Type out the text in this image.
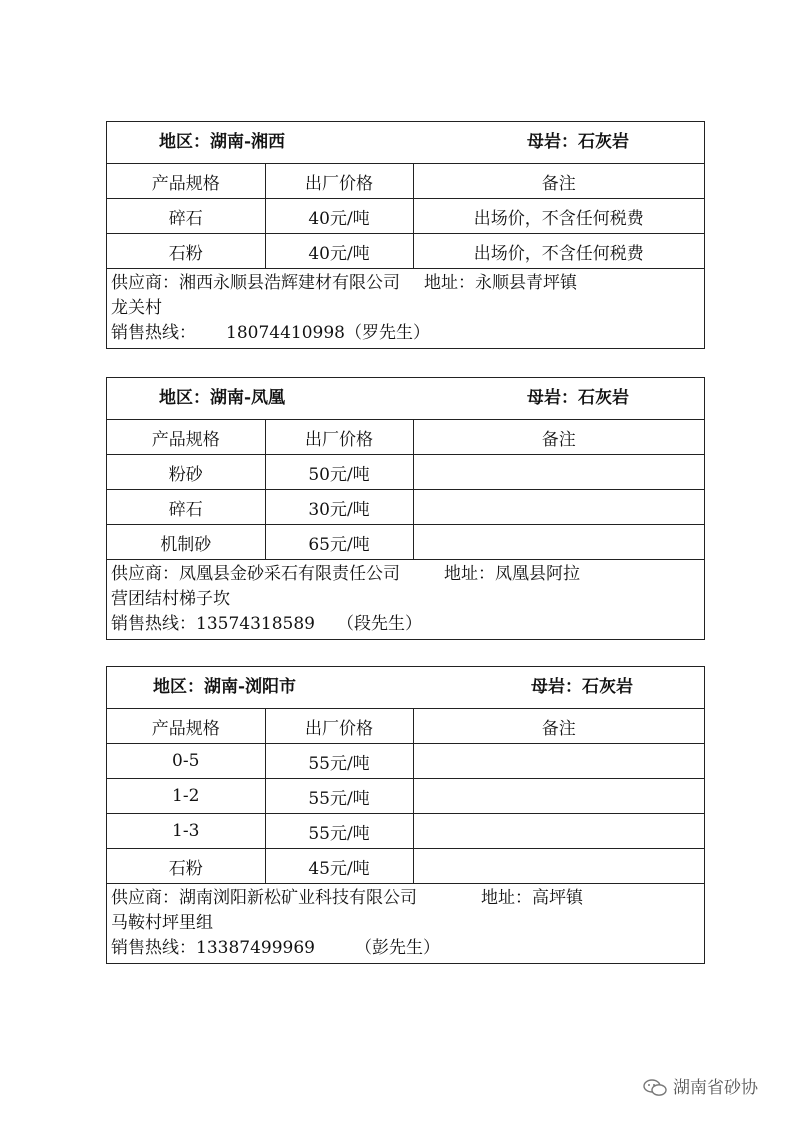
地区：湖南-湘西	母岩：石灰岩
产品规格	出厂价格	备注
碎石	40元/吨	出场价，不含任何税费
石粉	40元/吨	出场价，不含任何税费
供应商：湘西永顺县浩辉建材有限公司 地址：永顺县青坪镇
龙关村
销售热线： 18074410998（罗先生）
地区：湖南-凤凰	母岩：石灰岩
产品规格	出厂价格	备注
粉砂	50元/吨	
碎石	30元/吨	
机制砂	65元/吨	
供应商：凤凰县金砂采石有限责任公司	地址：凤凰县阿拉
营团结村梯子坎
销售热线：13574318589 （段先生）
地区：湖南-浏阳市	母岩：石灰岩
产品规格	出厂价格	备注
0-5	55元/吨	
1-2	55元/吨	
1-3	55元/吨	
石粉	45元/吨	
供应商：湖南浏阳新松矿业科技有限公司	地址：高坪镇
马鞍村坪里组
销售热线：13387499969 （彭先生）
湖南省砂协
